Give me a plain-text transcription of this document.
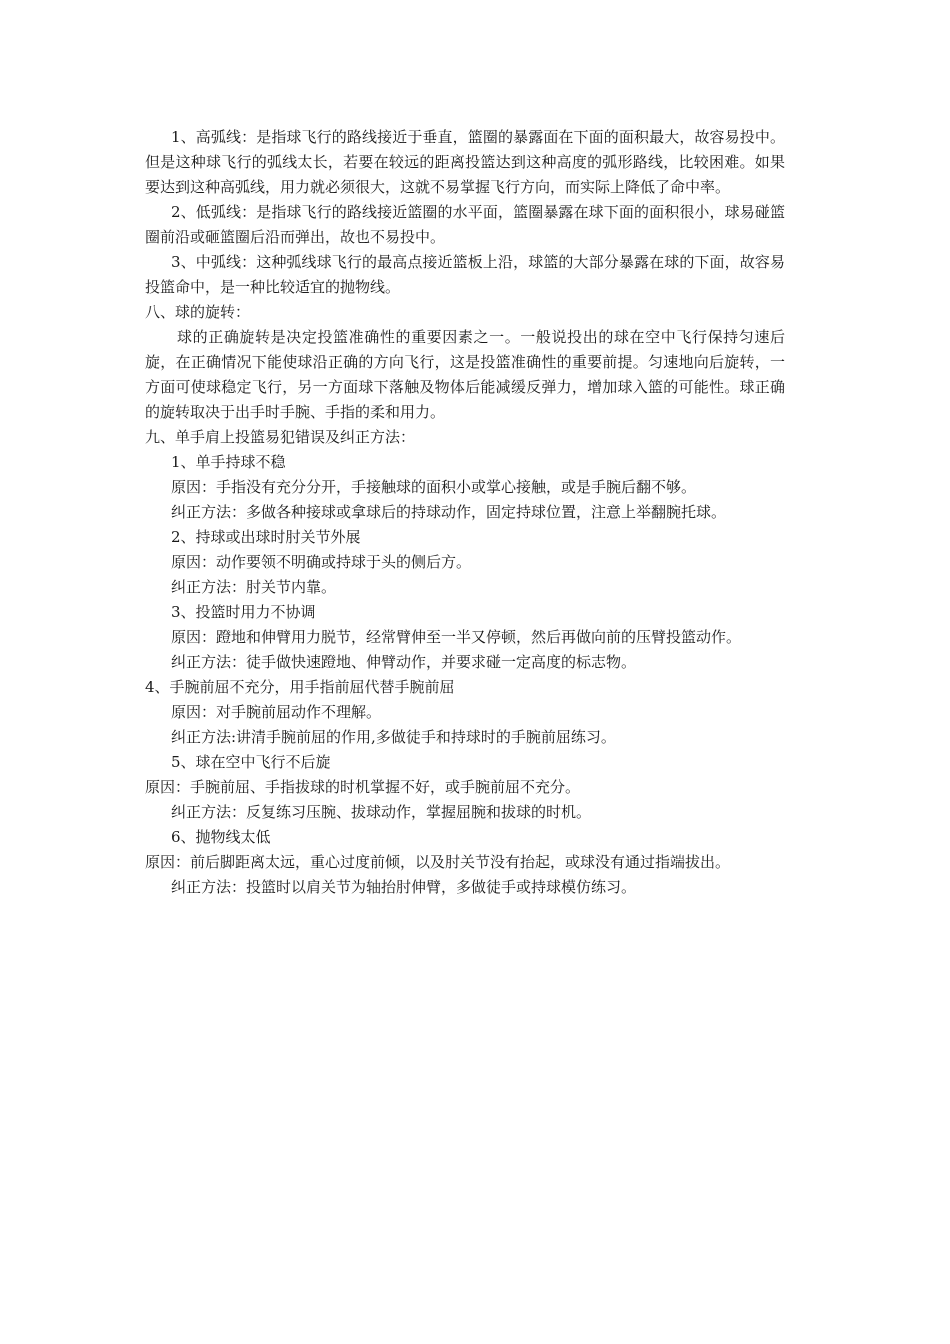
1、高弧线：是指球飞行的路线接近于垂直，篮圈的暴露面在下面的面积最大，故容易投中。但是这种球飞行的弧线太长，若要在较远的距离投篮达到这种高度的弧形路线，比较困难。如果要达到这种高弧线，用力就必须很大，这就不易掌握飞行方向，而实际上降低了命中率。

2、低弧线：是指球飞行的路线接近篮圈的水平面，篮圈暴露在球下面的面积很小，球易碰篮圈前沿或砸篮圈后沿而弹出，故也不易投中。

3、中弧线：这种弧线球飞行的最高点接近篮板上沿，球篮的大部分暴露在球的下面，故容易投篮命中，是一种比较适宜的抛物线。

八、球的旋转：

球的正确旋转是决定投篮准确性的重要因素之一。一般说投出的球在空中飞行保持匀速后旋，在正确情况下能使球沿正确的方向飞行，这是投篮准确性的重要前提。匀速地向后旋转，一方面可使球稳定飞行，另一方面球下落触及物体后能减缓反弹力，增加球入篮的可能性。球正确的旋转取决于出手时手腕、手指的柔和用力。

九、单手肩上投篮易犯错误及纠正方法：

1、单手持球不稳

原因：手指没有充分分开，手接触球的面积小或掌心接触，或是手腕后翻不够。

纠正方法：多做各种接球或拿球后的持球动作，固定持球位置，注意上举翻腕托球。

2、持球或出球时肘关节外展

原因：动作要领不明确或持球于头的侧后方。

纠正方法：肘关节内靠。

3、投篮时用力不协调

原因：蹬地和伸臂用力脱节，经常臂伸至一半又停顿，然后再做向前的压臂投篮动作。

纠正方法：徒手做快速蹬地、伸臂动作，并要求碰一定高度的标志物。

4、手腕前屈不充分，用手指前屈代替手腕前屈

原因：对手腕前屈动作不理解。

纠正方法:讲清手腕前屈的作用,多做徒手和持球时的手腕前屈练习。

5、球在空中飞行不后旋

原因：手腕前屈、手指拔球的时机掌握不好，或手腕前屈不充分。

纠正方法：反复练习压腕、拔球动作，掌握屈腕和拔球的时机。

6、抛物线太低

原因：前后脚距离太远，重心过度前倾，以及肘关节没有抬起，或球没有通过指端拔出。

纠正方法：投篮时以肩关节为轴抬肘伸臂，多做徒手或持球模仿练习。
